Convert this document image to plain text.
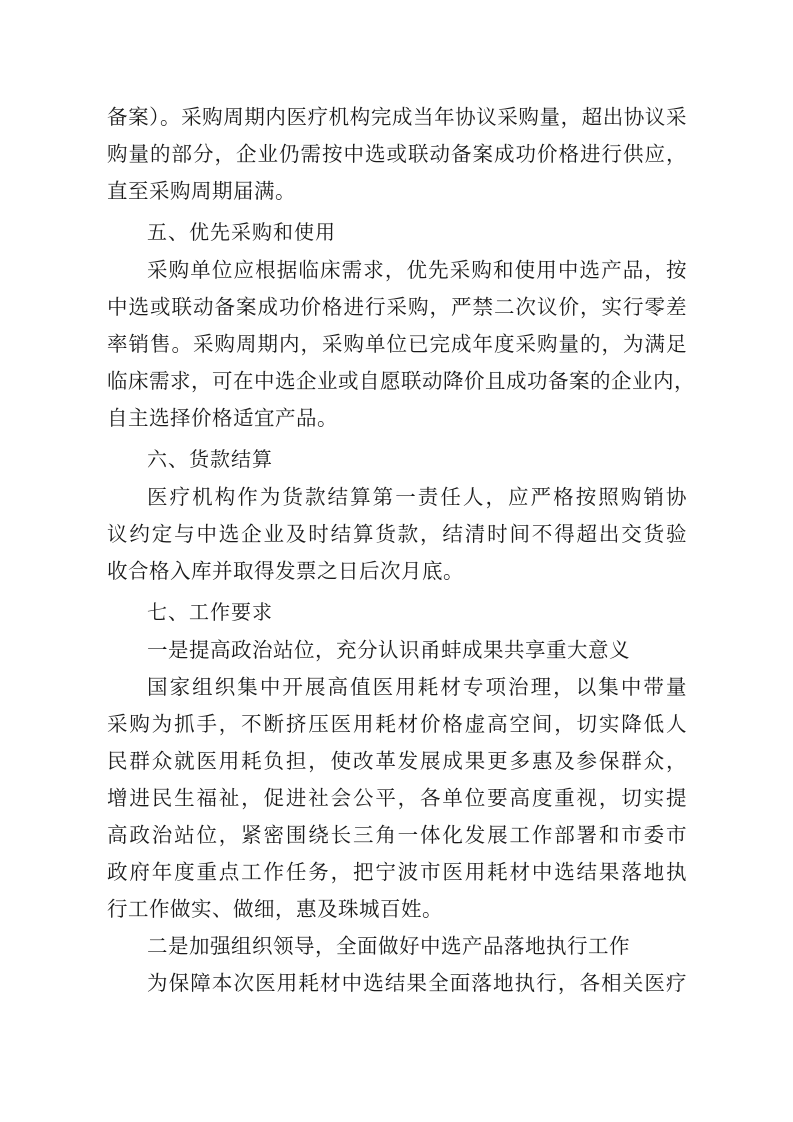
备案）。采购周期内医疗机构完成当年协议采购量，超出协议采
购量的部分，企业仍需按中选或联动备案成功价格进行供应，
直至采购周期届满。
五、优先采购和使用
采购单位应根据临床需求，优先采购和使用中选产品，按
中选或联动备案成功价格进行采购，严禁二次议价，实行零差
率销售。采购周期内，采购单位已完成年度采购量的，为满足
临床需求，可在中选企业或自愿联动降价且成功备案的企业内，
自主选择价格适宜产品。
六、货款结算
医疗机构作为货款结算第一责任人，应严格按照购销协
议约定与中选企业及时结算货款，结清时间不得超出交货验
收合格入库并取得发票之日后次月底。
七、工作要求
一是提高政治站位，充分认识甬蚌成果共享重大意义
国家组织集中开展高值医用耗材专项治理，以集中带量
采购为抓手，不断挤压医用耗材价格虚高空间，切实降低人
民群众就医用耗负担，使改革发展成果更多惠及参保群众，
增进民生福祉，促进社会公平，各单位要高度重视，切实提
高政治站位，紧密围绕长三角一体化发展工作部署和市委市
政府年度重点工作任务，把宁波市医用耗材中选结果落地执
行工作做实、做细，惠及珠城百姓。
二是加强组织领导，全面做好中选产品落地执行工作
为保障本次医用耗材中选结果全面落地执行，各相关医疗
